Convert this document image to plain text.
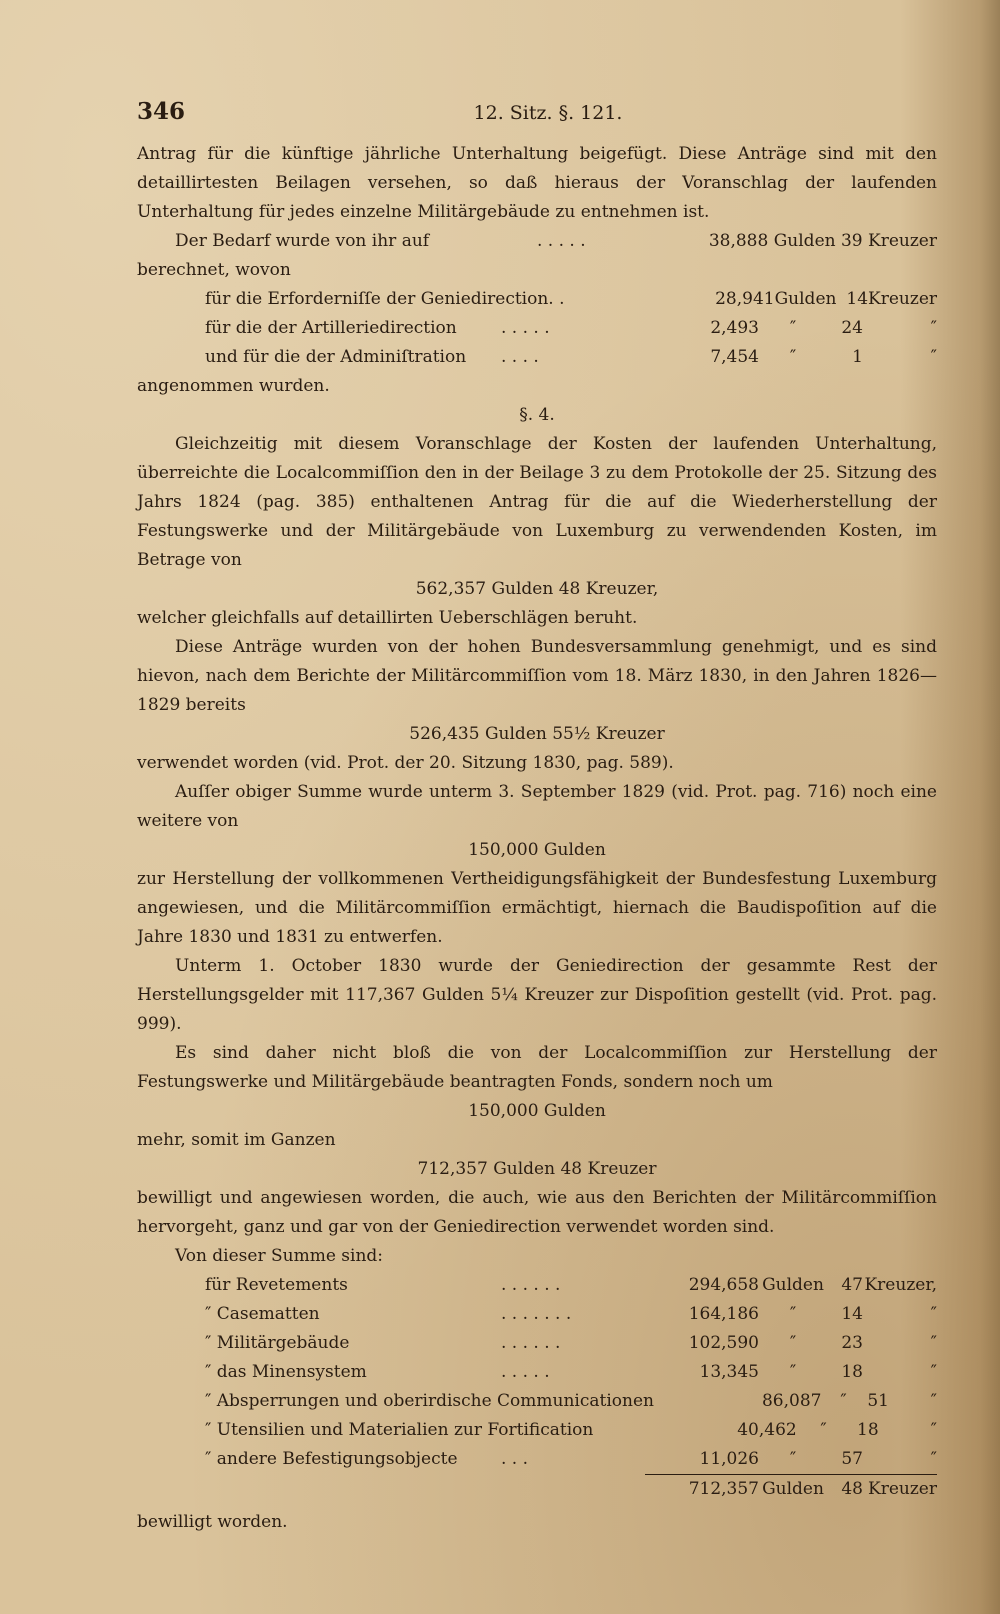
346	12. Sitz. §. 121.

Antrag für die künftige jährliche Unterhaltung beigefügt. Diese Anträge sind mit den detaillirtesten Beilagen versehen, so daß hieraus der Voranschlag der laufenden Unterhaltung für jedes einzelne Militärgebäude zu entnehmen ist.

Der Bedarf wurde von ihr auf	. . . . .	38,888 Gulden 39 Kreuzer

berechnet, wovon

für die Erforderniſſe der Geniedirection . .	28,941 Gulden 14 Kreuzer
für die der Artilleriedirection	. . . . .	2,493	″	24	″
und für die der Adminiſtration	. . . .	7,454	″	1	″

angenommen wurden.

§. 4.

Gleichzeitig mit diesem Voranschlage der Kosten der laufenden Unterhaltung, überreichte die Localcommiſſion den in der Beilage 3 zu dem Protokolle der 25. Sitzung des Jahrs 1824 (pag. 385) enthaltenen Antrag für die auf die Wiederherstellung der Festungswerke und der Militärgebäude von Luxemburg zu verwendenden Kosten, im Betrage von

562,357 Gulden 48 Kreuzer,

welcher gleichfalls auf detaillirten Ueberschlägen beruht.

Diese Anträge wurden von der hohen Bundesversammlung genehmigt, und es sind hievon, nach dem Berichte der Militärcommiſſion vom 18. März 1830, in den Jahren 1826—1829 bereits

526,435 Gulden 55½ Kreuzer

verwendet worden (vid. Prot. der 20. Sitzung 1830, pag. 589).

Auſſer obiger Summe wurde unterm 3. September 1829 (vid. Prot. pag. 716) noch eine weitere von

150,000 Gulden

zur Herstellung der vollkommenen Vertheidigungsfähigkeit der Bundesfestung Luxemburg angewiesen, und die Militärcommiſſion ermächtigt, hiernach die Baudispoſition auf die Jahre 1830 und 1831 zu entwerfen.

Unterm 1. October 1830 wurde der Geniedirection der gesammte Rest der Herstellungsgelder mit 117,367 Gulden 5¼ Kreuzer zur Dispoſition gestellt (vid. Prot. pag. 999).

Es sind daher nicht bloß die von der Localcommiſſion zur Herstellung der Festungswerke und Militärgebäude beantragten Fonds, sondern noch um

150,000 Gulden

mehr, somit im Ganzen

712,357 Gulden 48 Kreuzer

bewilligt und angewiesen worden, die auch, wie aus den Berichten der Militärcommiſſion hervorgeht, ganz und gar von der Geniedirection verwendet worden sind.

Von dieser Summe sind:

für Revetements	. . . . . .	294,658 Gulden	47 Kreuzer,
″ Casematten	. . . . . . .	164,186	″	14	″
″ Militärgebäude	. . . . . .	102,590	″	23	″
″ das Minensystem	. . . . .	13,345	″	18	″
″ Absperrungen und oberirdische Communicationen	86,087	″	51	″
″ Utensilien und Materialien zur Fortification	40,462	″	18	″
″ andere Befestigungsobjecte	. . .	11,026	″	57	″
712,357 Gulden	48 Kreuzer

bewilligt worden.
